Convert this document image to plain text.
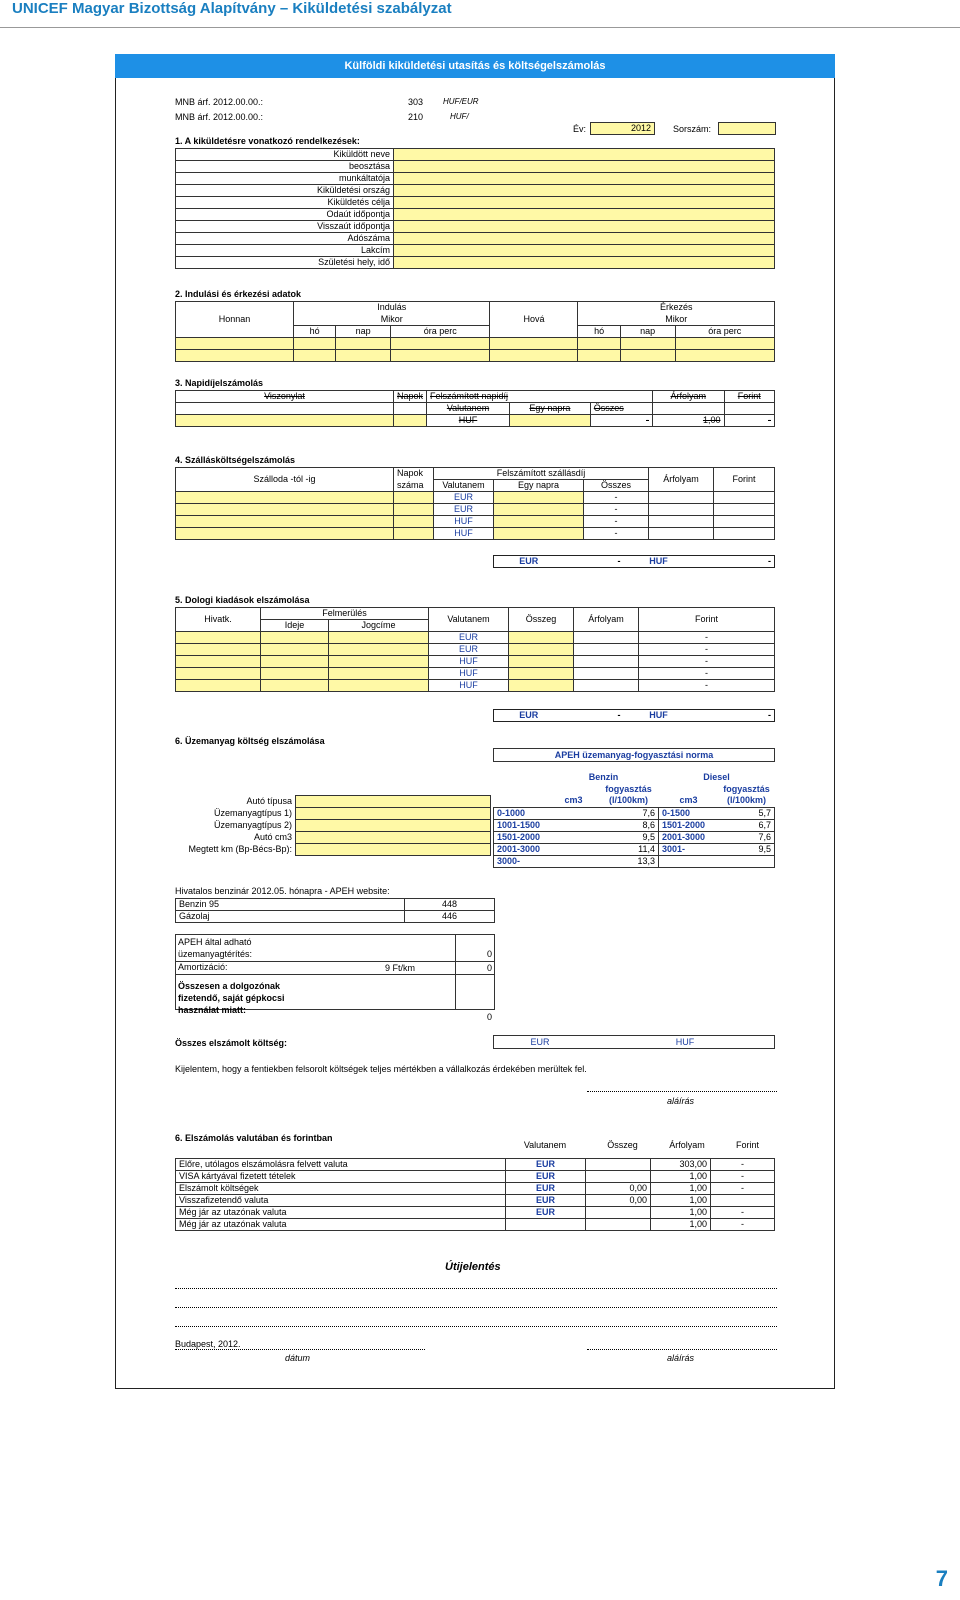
UNICEF Magyar Bizottság Alapítvány – Kiküldetési szabályzat
Külföldi kiküldetési utasítás és költségelszámolás
MNB árf. 2012.00.00.:	303 HUF/EUR
MNB árf. 2012.00.00.:	210	HUF/
Év:	2012	Sorszám:
1. A kiküldetésre vonatkozó rendelkezések:
Kiküldött neve	
beosztása	
munkáltatója	
Kiküldetési ország	
Kiküldetés célja	
Odaút időpontja	
Visszaút időpontja	
Adószáma	
Lakcím	
Születési hely, idő	
2. Indulási és érkezési adatok
Honnan	Indulás			Hová	Érkezés		
	Mikor				Mikor		
	hó	nap	óra perc		hó	nap	óra perc

3. Napidíjelszámolás
Viszonylat	Napok	Felszámított napidíj			Árfolyam	Forint
		Valutanem	Egy napra	Összes		
		HUF		-	1,00	-
4. Szállásköltségelszámolás
Szálloda -tól -ig	Napok	Felszámított szállásdíj			Árfolyam	Forint
	száma	Valutanem	Egy napra	Összes		
		EUR		-		
		EUR		-		
		HUF		-		
		HUF		-		
EUR	-	HUF	-
5. Dologi kiadások elszámolása
Hivatk.	Felmerülés		Valutanem	Összeg	Árfolyam	Forint
	Ideje	Jogcíme				
			EUR			-
			EUR			-
			HUF			-
			HUF			-
			HUF			-
EUR	-	HUF	-
6. Üzemanyag költség elszámolása
APEH üzemanyag-fogyasztási norma
Autó típusa
Üzemanyagtípus 1)
Üzemanyagtípus 2)
Autó cm3
Megtett km (Bp-Bécs-Bp):

	Benzin		Diesel	
		fogyasztás		fogyasztás
	cm3	(l/100km)	cm3	(l/100km)
0-1000	7,6		0-1500	5,7
1001-1500	8,6		1501-2000	6,7
1501-2000	9,5		2001-3000	7,6
2001-3000	11,4		3001-	9,5
3000-	13,3			
Hivatalos benzinár 2012.05. hónapra - APEH website:
Benzin 95	448
Gázolaj	446
APEH által adható
üzemanyagtérítés:	0
Amortizáció:	9 Ft/km	0
Összesen a dolgozónak
fizetendő, saját gépkocsi
használat miatt:
0
Összes elszámolt költség:	EUR	HUF
Kijelentem, hogy a fentiekben felsorolt költségek teljes mértékben a vállalkozás érdekében merültek fel.
aláírás
6. Elszámolás valutában és forintban
Valutanem	Összeg	Árfolyam	Forint
Előre, utólagos elszámolásra felvett valuta	EUR		303,00	-
VISA kártyával fizetett tételek	EUR		1,00	-
Elszámolt költségek	EUR	0,00	1,00	-
Visszafizetendő valuta	EUR	0,00	1,00	
Még jár az utazónak valuta	EUR		1,00	-
Még jár az utazónak valuta			1,00	-
Útijelentés
Budapest, 2012.
dátum	aláírás
7
